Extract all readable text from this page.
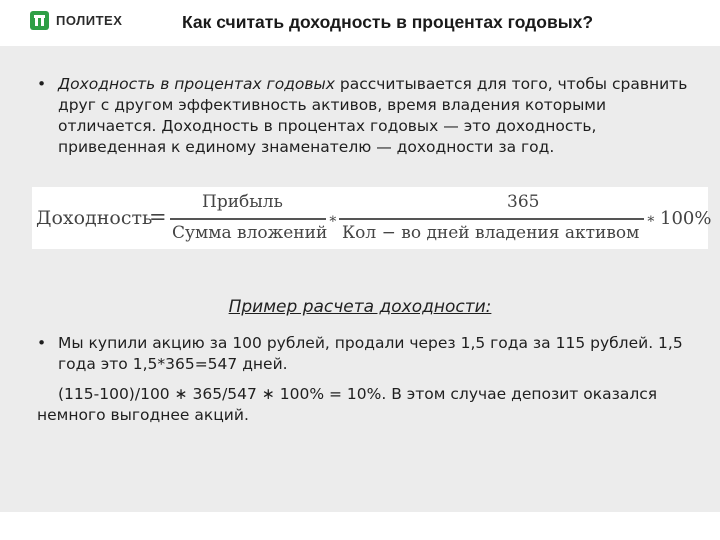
ПОЛИТЕХ	Как считать доходность в процентах годовых?
• Доходность в процентах годовых рассчитывается для того, чтобы сравнить друг с другом эффективность активов, время владения которыми отличается. Доходность в процентах годовых — это доходность, приведенная к единому знаменателю — доходности за год.
Доходность
=
Прибыль
Сумма вложений
∗
365
Кол − во дней владения активом
∗ 100%
Пример расчета доходности:
• Мы купили акцию за 100 рублей, продали через 1,5 года за 115 рублей. 1,5 года это 1,5*365=547 дней.
(115-100)/100 ∗ 365/547 ∗ 100% = 10%. В этом случае депозит оказался немного выгоднее акций.
